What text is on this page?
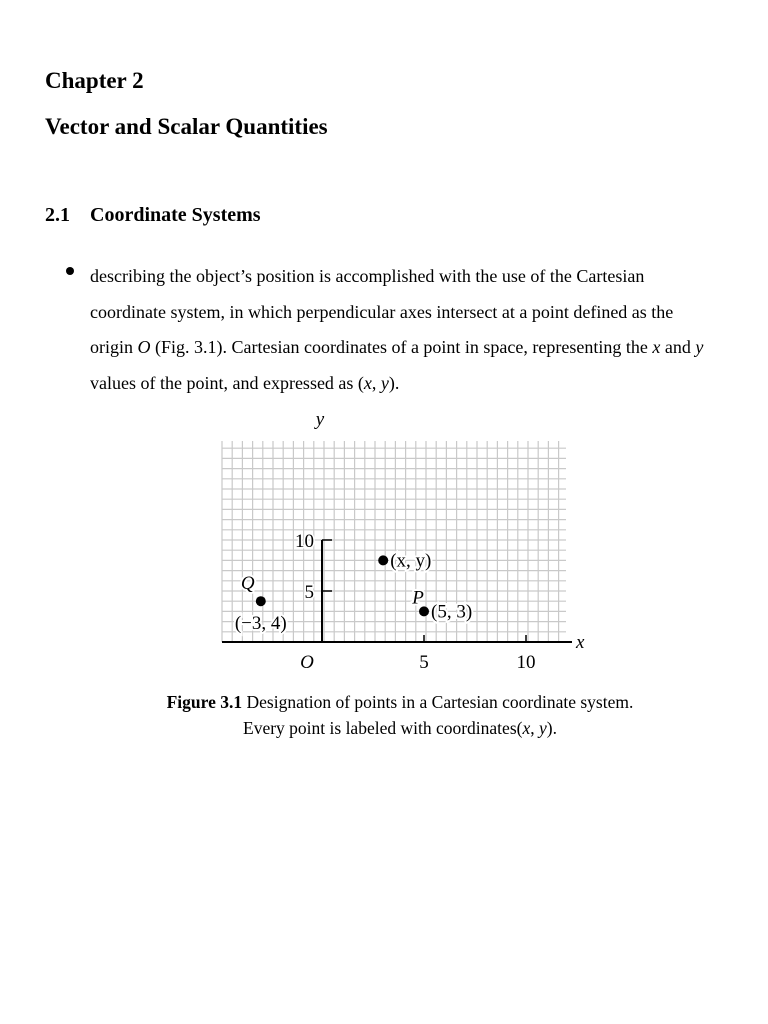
Chapter 2
Vector and Scalar Quantities
2.1 Coordinate Systems

describing the object’s position is accomplished with the use of the Cartesian coordinate system, in which perpendicular axes intersect at a point defined as the origin O (Fig. 3.1). Cartesian coordinates of a point in space, representing the x and y values of the point, and expressed as (x, y).

5	10
5
10
x
y
O
(x, y)
Q
(−3, 4)
P
(5, 3)
Figure 3.1 Designation of points in a Cartesian coordinate system.
Every point is labeled with coordinates(x, y).
